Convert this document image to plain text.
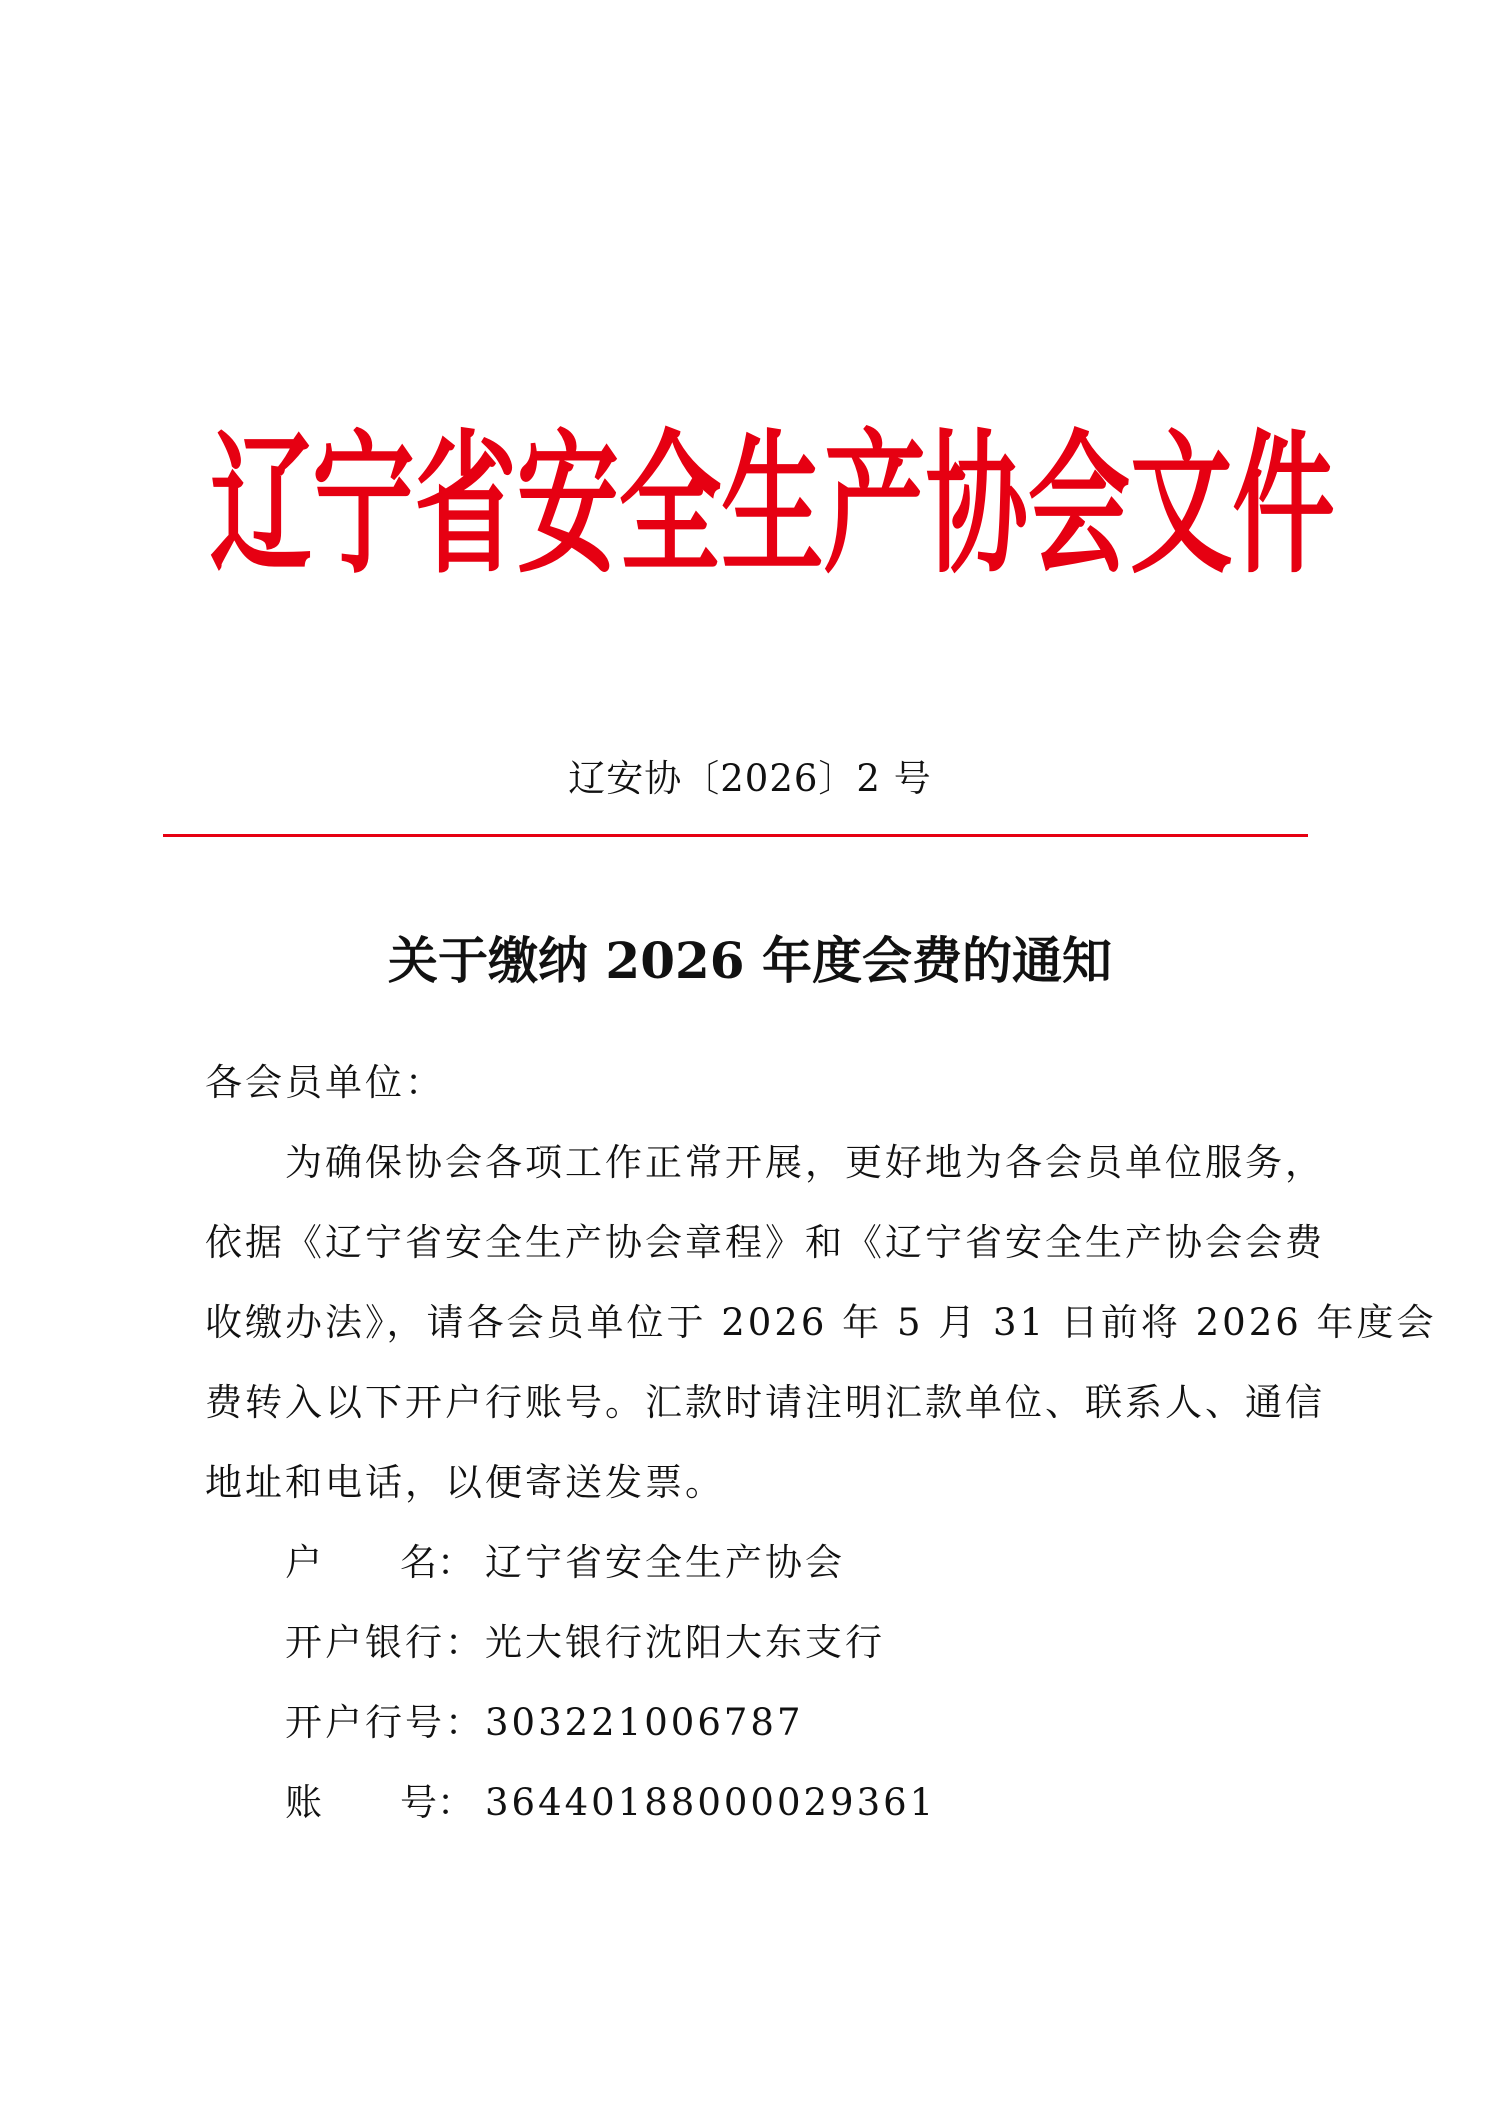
辽宁省安全生产协会文件
辽安协〔2026〕2 号
关于缴纳 2026 年度会费的通知
各会员单位：
为确保协会各项工作正常开展，更好地为各会员单位服务，
依据《辽宁省安全生产协会章程》和《辽宁省安全生产协会会费
收缴办法》，请各会员单位于 2026 年 5 月 31 日前将 2026 年度会
费转入以下开户行账号。汇款时请注明汇款单位、联系人、通信
地址和电话，以便寄送发票。
户 名： 辽宁省安全生产协会
开户银行：光大银行沈阳大东支行
开户行号：303221006787
账 号： 36440188000029361
